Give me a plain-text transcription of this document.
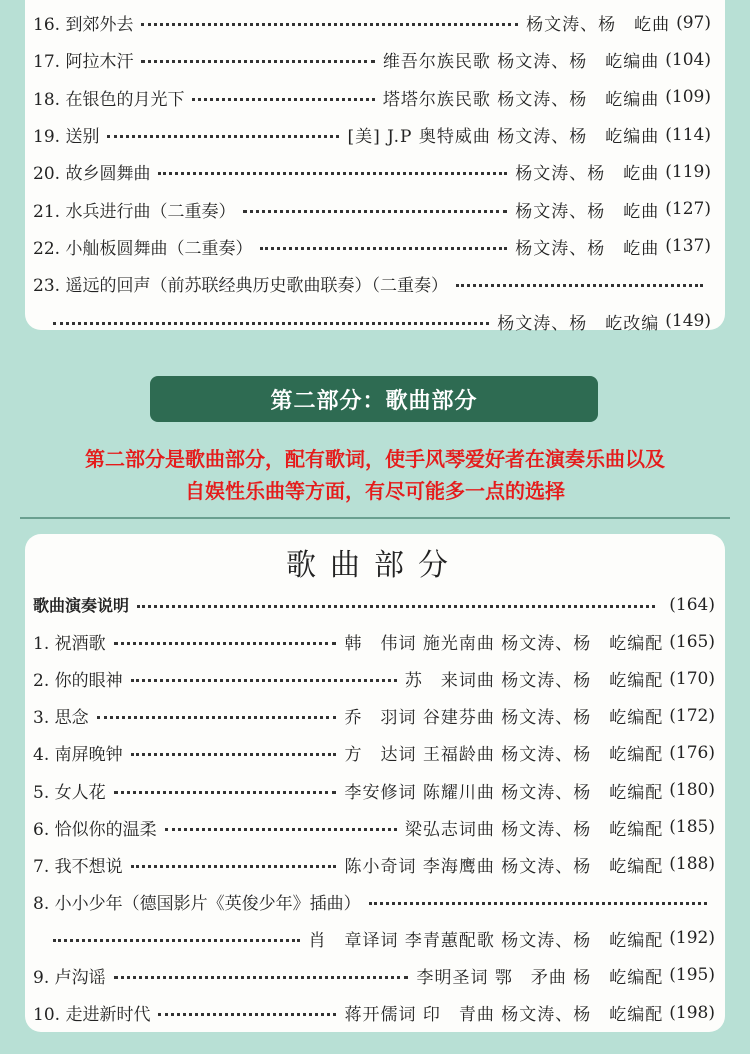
16. 到郊外去	杨文涛、杨　屹曲 (97)
17. 阿拉木汗	维吾尔族民歌 杨文涛、杨　屹编曲 (104)
18. 在银色的月光下	塔塔尔族民歌 杨文涛、杨　屹编曲 (109)
19. 送别	[美] J.P 奥特威曲 杨文涛、杨　屹编曲 (114)
20. 故乡圆舞曲	杨文涛、杨　屹曲 (119)
21. 水兵进行曲（二重奏）	杨文涛、杨　屹曲 (127)
22. 小舢板圆舞曲（二重奏）	杨文涛、杨　屹曲 (137)
23. 遥远的回声（前苏联经典历史歌曲联奏）（二重奏）
杨文涛、杨　屹改编 (149)
第二部分：歌曲部分
第二部分是歌曲部分，配有歌词，使手风琴爱好者在演奏乐曲以及
自娱性乐曲等方面，有尽可能多一点的选择
歌曲部分
歌曲演奏说明	(164)
1. 祝酒歌	韩　伟词 施光南曲 杨文涛、杨　屹编配 (165)
2. 你的眼神	苏　来词曲 杨文涛、杨　屹编配 (170)
3. 思念	乔　羽词 谷建芬曲 杨文涛、杨　屹编配 (172)
4. 南屏晚钟	方　达词 王福龄曲 杨文涛、杨　屹编配 (176)
5. 女人花	李安修词 陈耀川曲 杨文涛、杨　屹编配 (180)
6. 恰似你的温柔	梁弘志词曲 杨文涛、杨　屹编配 (185)
7. 我不想说	陈小奇词 李海鹰曲 杨文涛、杨　屹编配 (188)
8. 小小少年（德国影片《英俊少年》插曲）
肖　章译词 李青蕙配歌 杨文涛、杨　屹编配 (192)
9. 卢沟谣	李明圣词 鄂　矛曲 杨　屹编配 (195)
10. 走进新时代	蒋开儒词 印　青曲 杨文涛、杨　屹编配 (198)
